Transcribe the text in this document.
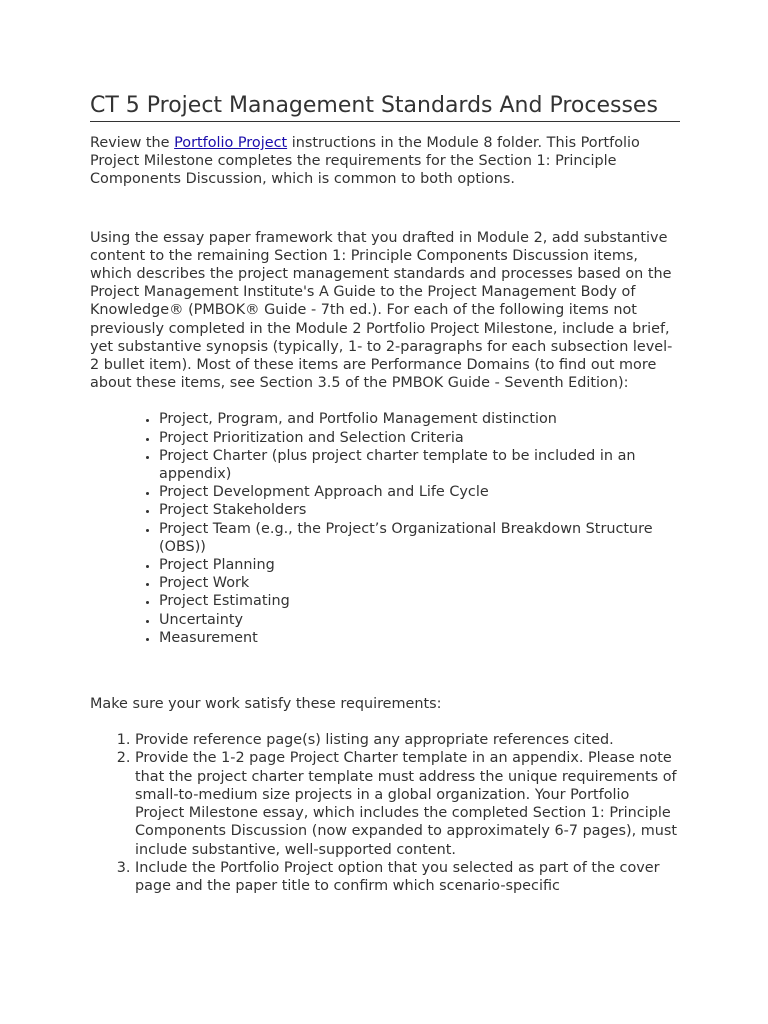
CT 5 Project Management Standards And Processes

Review the Portfolio Project instructions in the Module 8 folder. This Portfolio Project Milestone completes the requirements for the Section 1: Principle Components Discussion, which is common to both options.

Using the essay paper framework that you drafted in Module 2, add substantive content to the remaining Section 1: Principle Components Discussion items, which describes the project management standards and processes based on the Project Management Institute's A Guide to the Project Management Body of Knowledge® (PMBOK® Guide - 7th ed.). For each of the following items not previously completed in the Module 2 Portfolio Project Milestone, include a brief, yet substantive synopsis (typically, 1- to 2-paragraphs for each subsection level-2 bullet item). Most of these items are Performance Domains (to find out more about these items, see Section 3.5 of the PMBOK Guide - Seventh Edition):

• Project, Program, and Portfolio Management distinction
• Project Prioritization and Selection Criteria
• Project Charter (plus project charter template to be included in an appendix)
• Project Development Approach and Life Cycle
• Project Stakeholders
• Project Team (e.g., the Project’s Organizational Breakdown Structure (OBS))
• Project Planning
• Project Work
• Project Estimating
• Uncertainty
• Measurement

Make sure your work satisfy these requirements:

1. Provide reference page(s) listing any appropriate references cited.
2. Provide the 1-2 page Project Charter template in an appendix. Please note that the project charter template must address the unique requirements of small-to-medium size projects in a global organization. Your Portfolio Project Milestone essay, which includes the completed Section 1: Principle Components Discussion (now expanded to approximately 6-7 pages), must include substantive, well-supported content.
3. Include the Portfolio Project option that you selected as part of the cover page and the paper title to confirm which scenario-specific
